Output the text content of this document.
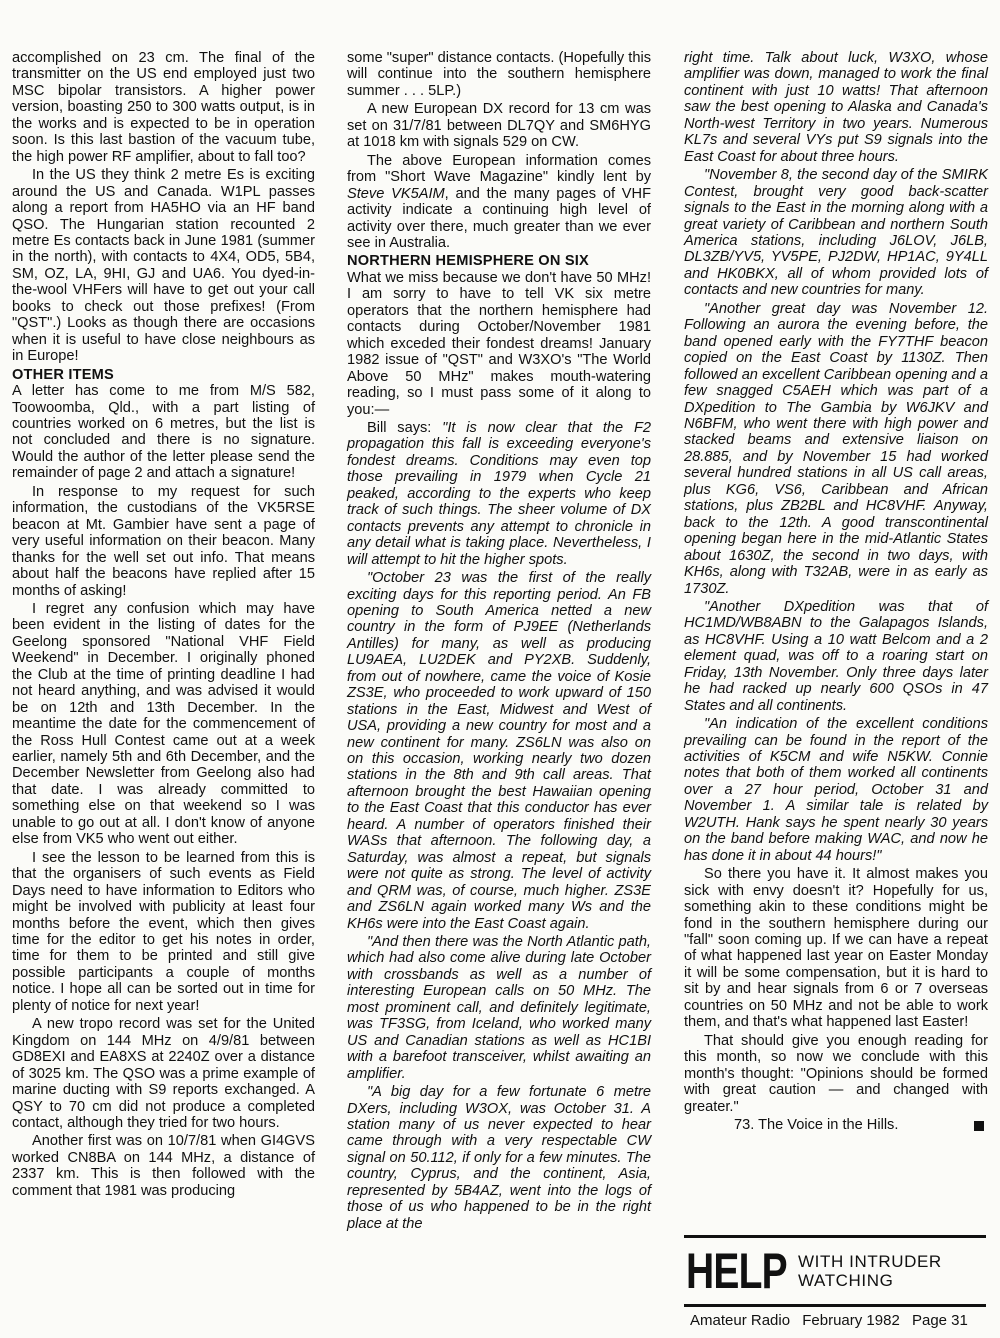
accomplished on 23 cm. The final of the transmitter on the US end employed just two MSC bipolar transistors. A higher power version, boasting 250 to 300 watts output, is in the works and is expected to be in operation soon. Is this last bastion of the vacuum tube, the high power RF amplifier, about to fall too?

In the US they think 2 metre Es is exciting around the US and Canada. W1PL passes along a report from HA5HO via an HF band QSO. The Hungarian station recounted 2 metre Es contacts back in June 1981 (summer in the north), with contacts to 4X4, OD5, 5B4, SM, OZ, LA, 9HI, GJ and UA6. You dyed-in-the-wool VHFers will have to get out your call books to check out those prefixes! (From "QST".) Looks as though there are occasions when it is useful to have close neighbours as in Europe!

OTHER ITEMS

A letter has come to me from M/S 582, Toowoomba, Qld., with a part listing of countries worked on 6 metres, but the list is not concluded and there is no signature. Would the author of the letter please send the remainder of page 2 and attach a signature!

In response to my request for such information, the custodians of the VK5RSE beacon at Mt. Gambier have sent a page of very useful information on their beacon. Many thanks for the well set out info. That means about half the beacons have replied after 15 months of asking!

I regret any confusion which may have been evident in the listing of dates for the Geelong sponsored "National VHF Field Weekend" in December. I originally phoned the Club at the time of printing deadline I had not heard anything, and was advised it would be on 12th and 13th December. In the meantime the date for the commencement of the Ross Hull Contest came out at a week earlier, namely 5th and 6th December, and the December Newsletter from Geelong also had that date. I was already committed to something else on that weekend so I was unable to go out at all. I don't know of anyone else from VK5 who went out either.

I see the lesson to be learned from this is that the organisers of such events as Field Days need to have information to Editors who might be involved with publicity at least four months before the event, which then gives time for the editor to get his notes in order, time for them to be printed and still give possible participants a couple of months notice. I hope all can be sorted out in time for plenty of notice for next year!

A new tropo record was set for the United Kingdom on 144 MHz on 4/9/81 between GD8EXI and EA8XS at 2240Z over a distance of 3025 km. The QSO was a prime example of marine ducting with S9 reports exchanged. A QSY to 70 cm did not produce a completed contact, although they tried for two hours.

Another first was on 10/7/81 when GI4GVS worked CN8BA on 144 MHz, a distance of 2337 km. This is then followed with the comment that 1981 was producing

some "super" distance contacts. (Hopefully this will continue into the southern hemisphere summer . . . 5LP.)

A new European DX record for 13 cm was set on 31/7/81 between DL7QY and SM6HYG at 1018 km with signals 529 on CW.

The above European information comes from "Short Wave Magazine" kindly lent by Steve VK5AIM, and the many pages of VHF activity indicate a continuing high level of activity over there, much greater than we ever see in Australia.

NORTHERN HEMISPHERE ON SIX

What we miss because we don't have 50 MHz! I am sorry to have to tell VK six metre operators that the northern hemisphere had contacts during October/November 1981 which exceded their fondest dreams! January 1982 issue of "QST" and W3XO's "The World Above 50 MHz" makes mouth-watering reading, so I must pass some of it along to you:—

Bill says: "It is now clear that the F2 propagation this fall is exceeding everyone's fondest dreams. Conditions may even top those prevailing in 1979 when Cycle 21 peaked, according to the experts who keep track of such things. The sheer volume of DX contacts prevents any attempt to chronicle in any detail what is taking place. Nevertheless, I will attempt to hit the higher spots.

"October 23 was the first of the really exciting days for this reporting period. An FB opening to South America netted a new country in the form of PJ9EE (Netherlands Antilles) for many, as well as producing LU9AEA, LU2DEK and PY2XB. Suddenly, from out of nowhere, came the voice of Kosie ZS3E, who proceeded to work upward of 150 stations in the East, Midwest and West of USA, providing a new country for most and a new continent for many. ZS6LN was also on on this occasion, working nearly two dozen stations in the 8th and 9th call areas. That afternoon brought the best Hawaiian opening to the East Coast that this conductor has ever heard. A number of operators finished their WASs that afternoon. The following day, a Saturday, was almost a repeat, but signals were not quite as strong. The level of activity and QRM was, of course, much higher. ZS3E and ZS6LN again worked many Ws and the KH6s were into the East Coast again.

"And then there was the North Atlantic path, which had also come alive during late October with crossbands as well as a number of interesting European calls on 50 MHz. The most prominent call, and definitely legitimate, was TF3SG, from Iceland, who worked many US and Canadian stations as well as HC1BI with a barefoot transceiver, whilst awaiting an amplifier.

"A big day for a few fortunate 6 metre DXers, including W3OX, was October 31. A station many of us never expected to hear came through with a very respectable CW signal on 50.112, if only for a few minutes. The country, Cyprus, and the continent, Asia, represented by 5B4AZ, went into the logs of those of us who happened to be in the right place at the

right time. Talk about luck, W3XO, whose amplifier was down, managed to work the final continent with just 10 watts! That afternoon saw the best opening to Alaska and Canada's North-west Territory in two years. Numerous KL7s and several VYs put S9 signals into the East Coast for about three hours.

"November 8, the second day of the SMIRK Contest, brought very good back-scatter signals to the East in the morning along with a great variety of Caribbean and northern South America stations, including J6LOV, J6LB, DL3ZB/YV5, YV5PE, PJ2DW, HP1AC, 9Y4LL and HK0BKX, all of whom provided lots of contacts and new countries for many.

"Another great day was November 12. Following an aurora the evening before, the band opened early with the FY7THF beacon copied on the East Coast by 1130Z. Then followed an excellent Caribbean opening and a few snagged C5AEH which was part of a DXpedition to The Gambia by W6JKV and N6BFM, who went there with high power and stacked beams and extensive liaison on 28.885, and by November 15 had worked several hundred stations in all US call areas, plus KG6, VS6, Caribbean and African stations, plus ZB2BL and HC8VHF. Anyway, back to the 12th. A good transcontinental opening began here in the mid-Atlantic States about 1630Z, the second in two days, with KH6s, along with T32AB, were in as early as 1730Z.

"Another DXpedition was that of HC1MD/WB8ABN to the Galapagos Islands, as HC8VHF. Using a 10 watt Belcom and a 2 element quad, was off to a roaring start on Friday, 13th November. Only three days later he had racked up nearly 600 QSOs in 47 States and all continents.

"An indication of the excellent conditions prevailing can be found in the report of the activities of K5CM and wife N5KW. Connie notes that both of them worked all continents over a 27 hour period, October 31 and November 1. A similar tale is related by W2UTH. Hank says he spent nearly 30 years on the band before making WAC, and now he has done it in about 44 hours!"

So there you have it. It almost makes you sick with envy doesn't it? Hopefully for us, something akin to these conditions might be fond in the southern hemisphere during our "fall" soon coming up. If we can have a repeat of what happened last year on Easter Monday it will be some compensation, but it is hard to sit by and hear signals from 6 or 7 overseas countries on 50 MHz and not be able to work them, and that's what happened last Easter!

That should give you enough reading for this month, so now we conclude with this month's thought: "Opinions should be formed with great caution — and changed with greater."

73. The Voice in the Hills.

HELP WITH INTRUDER
WATCHING
Amateur Radio February 1982 Page 31
